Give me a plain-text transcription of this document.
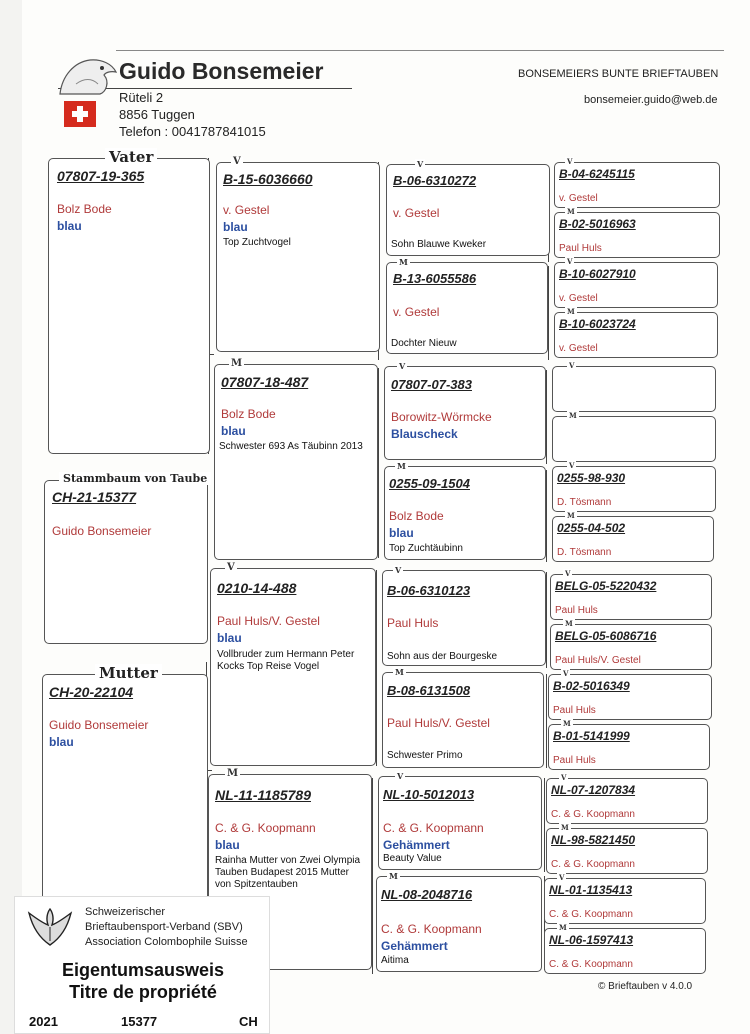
Guido Bonsemeier
Rüteli 2
8856 Tuggen
Telefon : 0041787841015
BONSEMEIERS BUNTE BRIEFTAUBEN
bonsemeier.guido@web.de
Vater
07807-19-365
Bolz Bode
blau
Stammbaum von Taube
CH-21-15377
Guido Bonsemeier
Mutter
CH-20-22104
Guido Bonsemeier
blau
V
B-15-6036660
v. Gestel
blau
Top Zuchtvogel
M
07807-18-487
Bolz Bode
blau
Schwester 693 As Täubinn 2013
V
0210-14-488
Paul Huls/V. Gestel
blau
Vollbruder zum Hermann Peter Kocks Top Reise Vogel
M
NL-11-1185789
C. & G. Koopmann
blau
Rainha Mutter von Zwei Olympia Tauben Budapest 2015 Mutter von Spitzentauben
V
B-06-6310272
v. Gestel
Sohn Blauwe Kweker
M
B-13-6055586
v. Gestel
Dochter Nieuw
V
07807-07-383
Borowitz-Wörmcke
Blauscheck
M
0255-09-1504
Bolz Bode
blau
Top Zuchtäubinn
V
B-06-6310123
Paul Huls
Sohn aus der Bourgeske
M
B-08-6131508
Paul Huls/V. Gestel
Schwester Primo
V
NL-10-5012013
C. & G. Koopmann
Gehämmert
Beauty Value
M
NL-08-2048716
C. & G. Koopmann
Gehämmert
Aitima
V
B-04-6245115
v. Gestel
M
B-02-5016963
Paul Huls
V
B-10-6027910
v. Gestel
M
B-10-6023724
v. Gestel
V
M
V
0255-98-930
D. Tösmann
M
0255-04-502
D. Tösmann
V
BELG-05-5220432
Paul Huls
M
BELG-05-6086716
Paul Huls/V. Gestel
V
B-02-5016349
Paul Huls
M
B-01-5141999
Paul Huls
V
NL-07-1207834
C. & G. Koopmann
M
NL-98-5821450
C. & G. Koopmann
V
NL-01-1135413
C. & G. Koopmann
M
NL-06-1597413
C. & G. Koopmann
© Brieftauben v 4.0.0
Schweizerischer
Brieftaubensport-Verband (SBV)
Association Colombophile Suisse
Eigentumsausweis
Titre de propriété
2021	15377	CH
